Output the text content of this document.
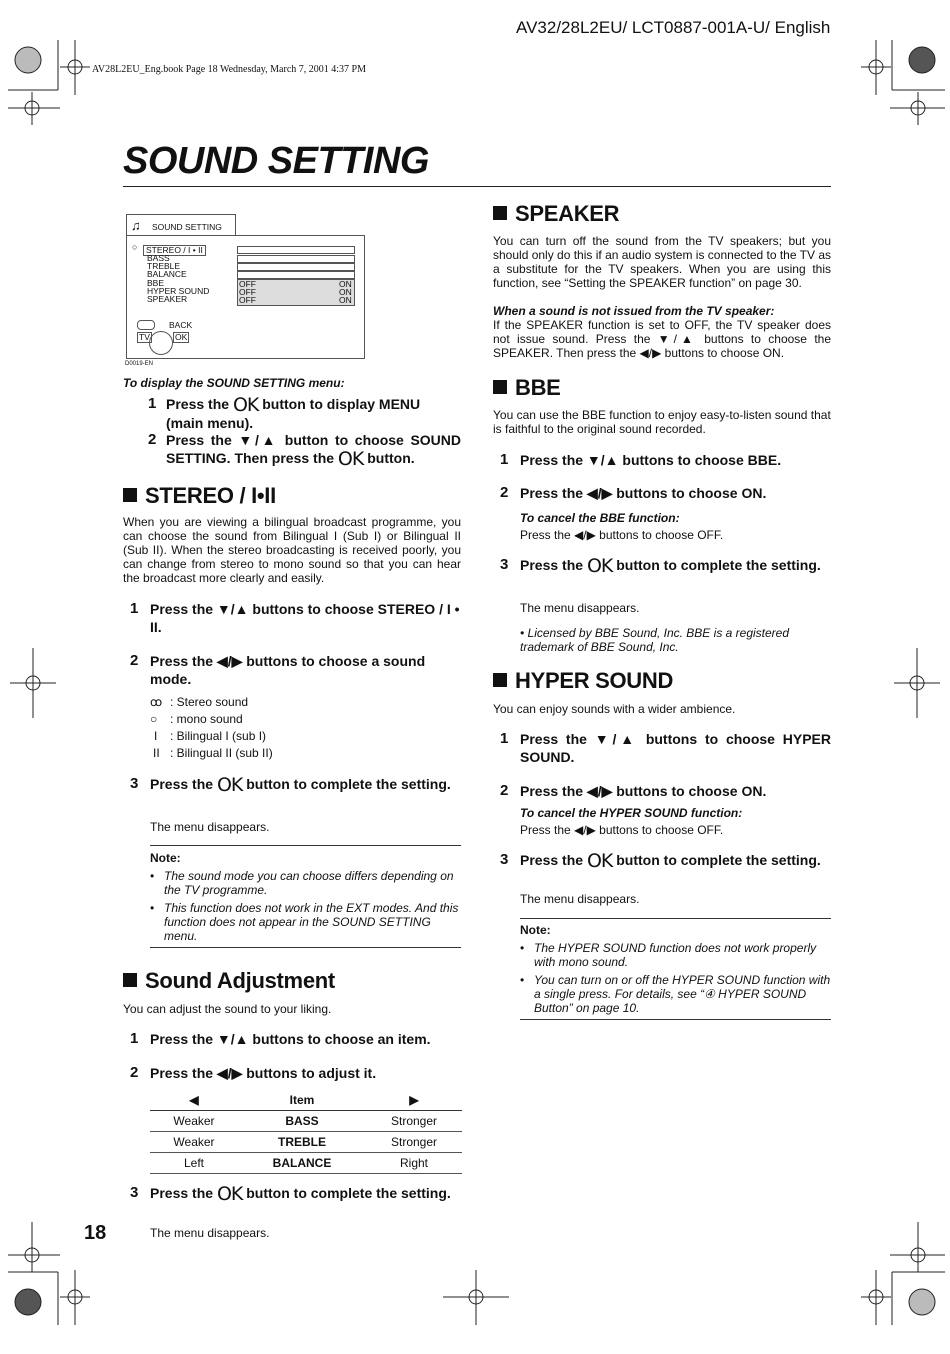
AV32/28L2EU/ LCT0887-001A-U/ English
AV28L2EU_Eng.book Page 18 Wednesday, March 7, 2001 4:37 PM
SOUND SETTING
♫ SOUND SETTING
○	STEREO / I • II
BASS
TREBLE
BALANCE
BBE
HYPER SOUND
SPEAKER
OFF	ON
OFF	ON
OFF	ON
BACK
TV	OK
D0019-EN
To display the SOUND SETTING menu:
1 Press the OK button to display MENU (main menu).
2 Press the ▼/▲ button to choose SOUND SETTING. Then press the OK button.
STEREO / I•II
When you are viewing a bilingual broadcast programme, you can choose the sound from Bilingual I (Sub I) or Bilingual II (Sub II). When the stereo broadcasting is received poorly, you can change from stereo to mono sound so that you can hear the broadcast more clearly and easily.
1 Press the ▼/▲ buttons to choose STEREO / I • II.
2 Press the ◀/▶ buttons to choose a sound mode.
ꝏ : Stereo sound
○ : mono sound
I : Bilingual I (sub I)
II : Bilingual II (sub II)
3 Press the OK button to complete the setting.
The menu disappears.
Note:
• The sound mode you can choose differs depending on the TV programme.
• This function does not work in the EXT modes. And this function does not appear in the SOUND SETTING menu.
Sound Adjustment
You can adjust the sound to your liking.
1 Press the ▼/▲ buttons to choose an item.
2 Press the ◀/▶ buttons to adjust it.
◀	Item	▶
Weaker	BASS	Stronger
Weaker	TREBLE	Stronger
Left	BALANCE	Right
3 Press the OK button to complete the setting.
The menu disappears.
18
SPEAKER
You can turn off the sound from the TV speakers; but you should only do this if an audio system is connected to the TV as a substitute for the TV speakers. When you are using this function, see “Setting the SPEAKER function” on page 30.
When a sound is not issued from the TV speaker:
If the SPEAKER function is set to OFF, the TV speaker does not issue sound. Press the ▼/▲ buttons to choose the SPEAKER. Then press the ◀/▶ buttons to choose ON.
BBE
You can use the BBE function to enjoy easy-to-listen sound that is faithful to the original sound recorded.
1 Press the ▼/▲ buttons to choose BBE.
2 Press the ◀/▶ buttons to choose ON.
To cancel the BBE function:
Press the ◀/▶ buttons to choose OFF.
3 Press the OK button to complete the setting.
The menu disappears.
• Licensed by BBE Sound, Inc. BBE is a registered trademark of BBE Sound, Inc.
HYPER SOUND
You can enjoy sounds with a wider ambience.
1 Press the ▼/▲ buttons to choose HYPER SOUND.
2 Press the ◀/▶ buttons to choose ON.
To cancel the HYPER SOUND function:
Press the ◀/▶ buttons to choose OFF.
3 Press the OK button to complete the setting.
The menu disappears.
Note:
• The HYPER SOUND function does not work properly with mono sound.
• You can turn on or off the HYPER SOUND function with a single press. For details, see “④ HYPER SOUND Button” on page 10.
